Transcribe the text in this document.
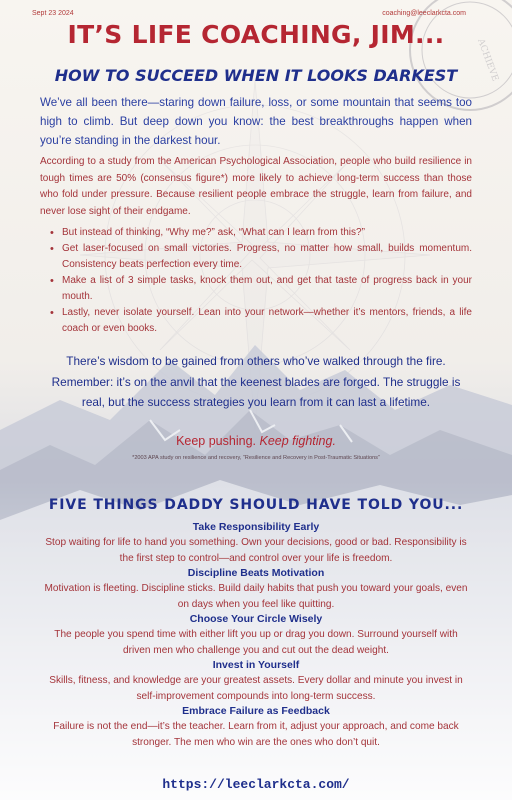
ACHIEVE
Sept 23 2024	coaching@leeclarkcta.com
IT’S LIFE COACHING, JIM...
HOW TO SUCCEED WHEN IT LOOKS DARKEST
We’ve all been there—staring down failure, loss, or some mountain that seems too high to climb. But deep down you know: the best breakthroughs happen when you’re standing in the darkest hour.
According to a study from the American Psychological Association, people who build resilience in tough times are 50% (consensus figure*) more likely to achieve long-term success than those who fold under pressure. Because resilient people embrace the struggle, learn from failure, and never lose sight of their endgame.
• But instead of thinking, “Why me?” ask, “What can I learn from this?”
• Get laser-focused on small victories. Progress, no matter how small, builds momentum. Consistency beats perfection every time.
• Make a list of 3 simple tasks, knock them out, and get that taste of progress back in your mouth.
• Lastly, never isolate yourself. Lean into your network—whether it’s mentors, friends, a life coach or even books.
There’s wisdom to be gained from others who’ve walked through the fire. Remember: it’s on the anvil that the keenest blades are forged. The struggle is real, but the success strategies you learn from it can last a lifetime.
Keep pushing. Keep fighting.
*2003 APA study on resilience and recovery, “Resilience and Recovery in Post-Traumatic Situations”
FIVE THINGS DADDY SHOULD HAVE TOLD YOU...
Take Responsibility Early
Stop waiting for life to hand you something. Own your decisions, good or bad. Responsibility is the first step to control—and control over your life is freedom.
Discipline Beats Motivation
Motivation is fleeting. Discipline sticks. Build daily habits that push you toward your goals, even on days when you feel like quitting.
Choose Your Circle Wisely
The people you spend time with either lift you up or drag you down. Surround yourself with driven men who challenge you and cut out the dead weight.
Invest in Yourself
Skills, fitness, and knowledge are your greatest assets. Every dollar and minute you invest in self-improvement compounds into long-term success.
Embrace Failure as Feedback
Failure is not the end—it’s the teacher. Learn from it, adjust your approach, and come back stronger. The men who win are the ones who don’t quit.
https://leeclarkcta.com/
